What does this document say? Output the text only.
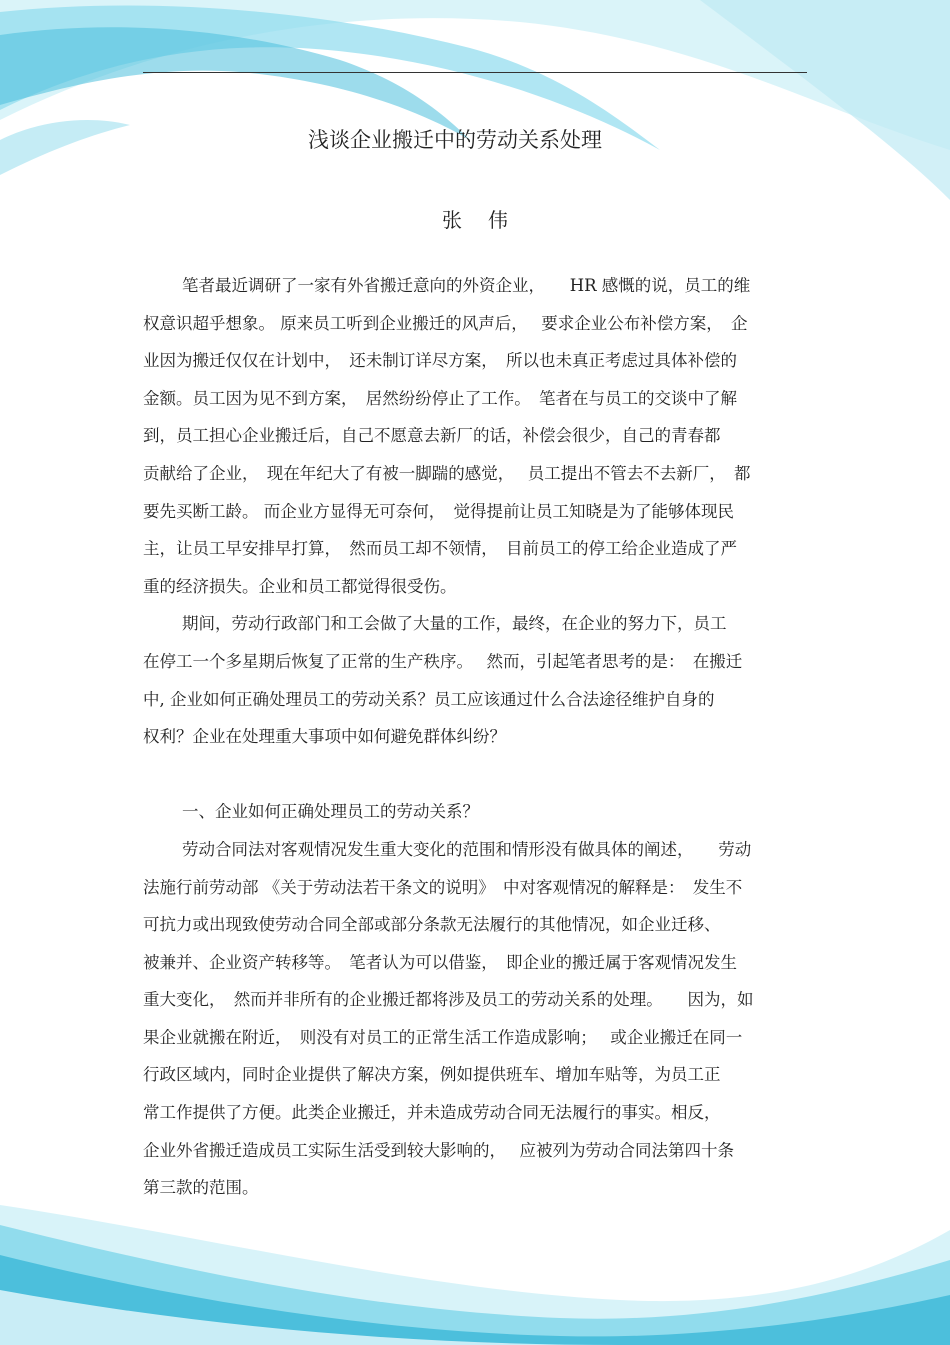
浅谈企业搬迁中的劳动关系处理
张 伟
笔者最近调研了一家有外省搬迁意向的外资企业，　　HR 感慨的说，员工的维
权意识超乎想象。 原来员工听到企业搬迁的风声后，　 要求企业公布补偿方案，　企
业因为搬迁仅仅在计划中，　还未制订详尽方案，　所以也未真正考虑过具体补偿的
金额。员工因为见不到方案，　居然纷纷停止了工作。　笔者在与员工的交谈中了解
到，员工担心企业搬迁后，自己不愿意去新厂的话，补偿会很少，自己的青春都
贡献给了企业，　现在年纪大了有被一脚踹的感觉，　 员工提出不管去不去新厂，　都
要先买断工龄。 而企业方显得无可奈何，　觉得提前让员工知晓是为了能够体现民
主，让员工早安排早打算，　然而员工却不领情，　目前员工的停工给企业造成了严
重的经济损失。企业和员工都觉得很受伤。
期间，劳动行政部门和工会做了大量的工作，最终，在企业的努力下，员工
在停工一个多星期后恢复了正常的生产秩序。　 然而，引起笔者思考的是：　在搬迁
中, 企业如何正确处理员工的劳动关系？员工应该通过什么合法途径维护自身的
权利？企业在处理重大事项中如何避免群体纠纷？
一、企业如何正确处理员工的劳动关系？
劳动合同法对客观情况发生重大变化的范围和情形没有做具体的阐述，　　劳动
法施行前劳动部 《关于劳动法若干条文的说明》　中对客观情况的解释是：　发生不
可抗力或出现致使劳动合同全部或部分条款无法履行的其他情况，如企业迁移、
被兼并、企业资产转移等。　笔者认为可以借鉴，　即企业的搬迁属于客观情况发生
重大变化，　然而并非所有的企业搬迁都将涉及员工的劳动关系的处理。　　因为，如
果企业就搬在附近，　则没有对员工的正常生活工作造成影响；　 或企业搬迁在同一
行政区域内，同时企业提供了解决方案，例如提供班车、增加车贴等，为员工正
常工作提供了方便。此类企业搬迁，并未造成劳动合同无法履行的事实。相反，
企业外省搬迁造成员工实际生活受到较大影响的，　 应被列为劳动合同法第四十条
第三款的范围。
